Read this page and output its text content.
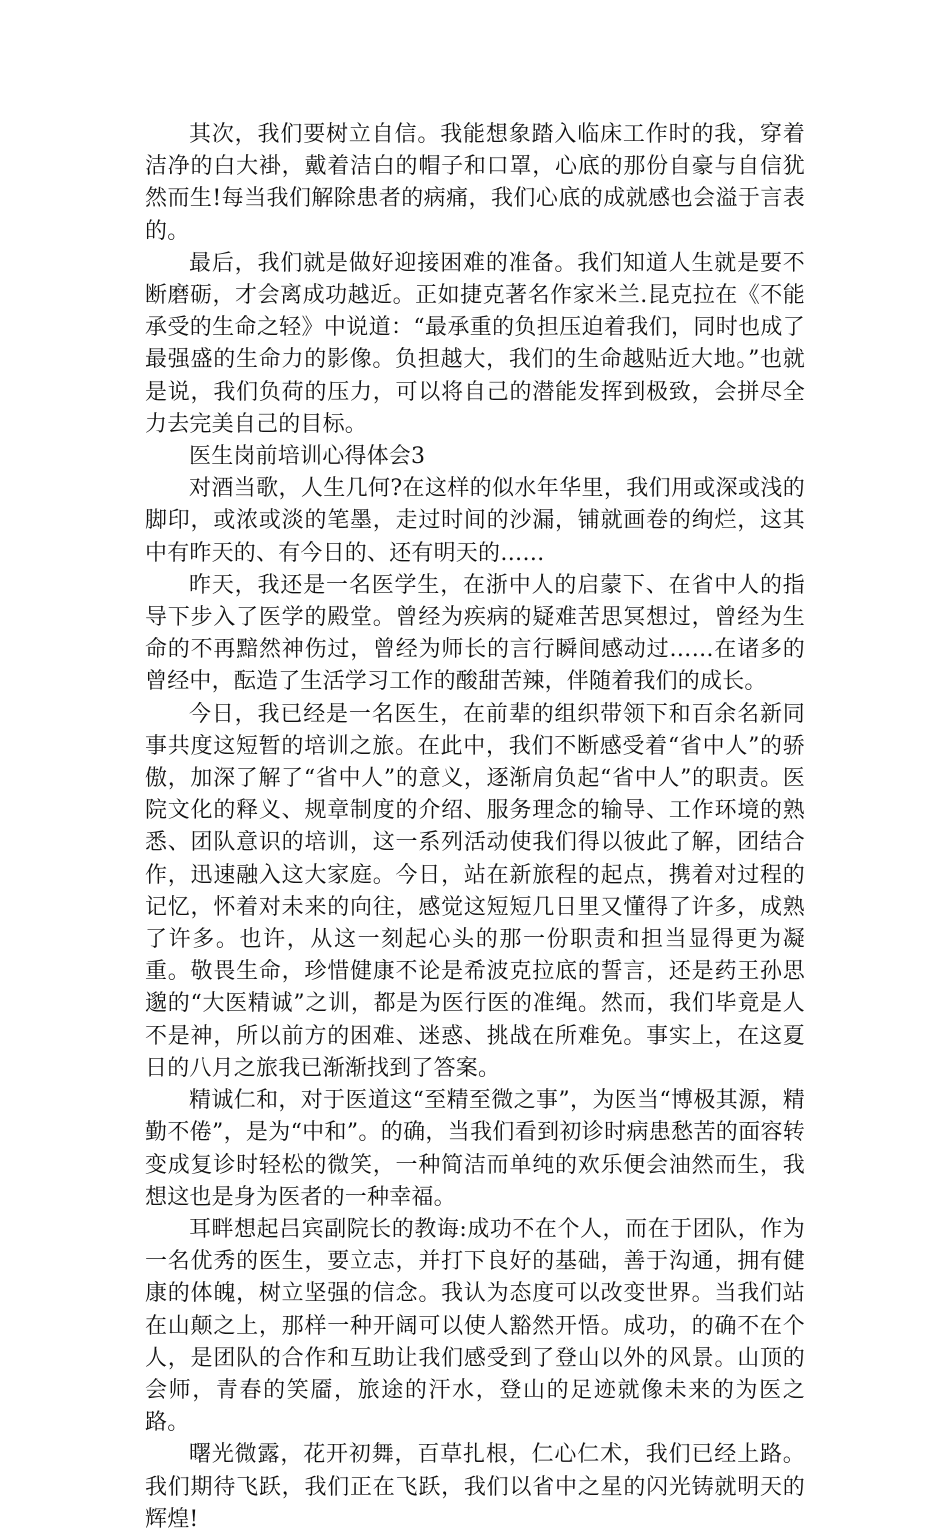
其次，我们要树立自信。我能想象踏入临床工作时的我，穿着洁净的白大褂，戴着洁白的帽子和口罩，心底的那份自豪与自信犹然而生!每当我们解除患者的病痛，我们心底的成就感也会溢于言表的。

最后，我们就是做好迎接困难的准备。我们知道人生就是要不断磨砺，才会离成功越近。正如捷克著名作家米兰.昆克拉在《不能承受的生命之轻》中说道：“最承重的负担压迫着我们，同时也成了最强盛的生命力的影像。负担越大，我们的生命越贴近大地。”也就是说，我们负荷的压力，可以将自己的潜能发挥到极致，会拼尽全力去完美自己的目标。

医生岗前培训心得体会3

对酒当歌，人生几何?在这样的似水年华里，我们用或深或浅的脚印，或浓或淡的笔墨，走过时间的沙漏，铺就画卷的绚烂，这其中有昨天的、有今日的、还有明天的……

昨天，我还是一名医学生，在浙中人的启蒙下、在省中人的指导下步入了医学的殿堂。曾经为疾病的疑难苦思冥想过，曾经为生命的不再黯然神伤过，曾经为师长的言行瞬间感动过……在诸多的曾经中，酝造了生活学习工作的酸甜苦辣，伴随着我们的成长。

今日，我已经是一名医生，在前辈的组织带领下和百余名新同事共度这短暂的培训之旅。在此中，我们不断感受着“省中人”的骄傲，加深了解了“省中人”的意义，逐渐肩负起“省中人”的职责。医院文化的释义、规章制度的介绍、服务理念的输导、工作环境的熟悉、团队意识的培训，这一系列活动使我们得以彼此了解，团结合作，迅速融入这大家庭。今日，站在新旅程的起点，携着对过程的记忆，怀着对未来的向往，感觉这短短几日里又懂得了许多，成熟了许多。也许，从这一刻起心头的那一份职责和担当显得更为凝重。敬畏生命，珍惜健康不论是希波克拉底的誓言，还是药王孙思邈的“大医精诚”之训，都是为医行医的准绳。然而，我们毕竟是人不是神，所以前方的困难、迷惑、挑战在所难免。事实上，在这夏日的八月之旅我已渐渐找到了答案。

精诚仁和，对于医道这“至精至微之事”，为医当“博极其源，精勤不倦”，是为“中和”。的确，当我们看到初诊时病患愁苦的面容转变成复诊时轻松的微笑，一种简洁而单纯的欢乐便会油然而生，我想这也是身为医者的一种幸福。

耳畔想起吕宾副院长的教诲:成功不在个人，而在于团队，作为一名优秀的医生，要立志，并打下良好的基础，善于沟通，拥有健康的体魄，树立坚强的信念。我认为态度可以改变世界。当我们站在山颠之上，那样一种开阔可以使人豁然开悟。成功，的确不在个人，是团队的合作和互助让我们感受到了登山以外的风景。山顶的会师，青春的笑靥，旅途的汗水，登山的足迹就像未来的为医之路。

曙光微露，花开初舞，百草扎根，仁心仁术，我们已经上路。我们期待飞跃，我们正在飞跃，我们以省中之星的闪光铸就明天的辉煌!
